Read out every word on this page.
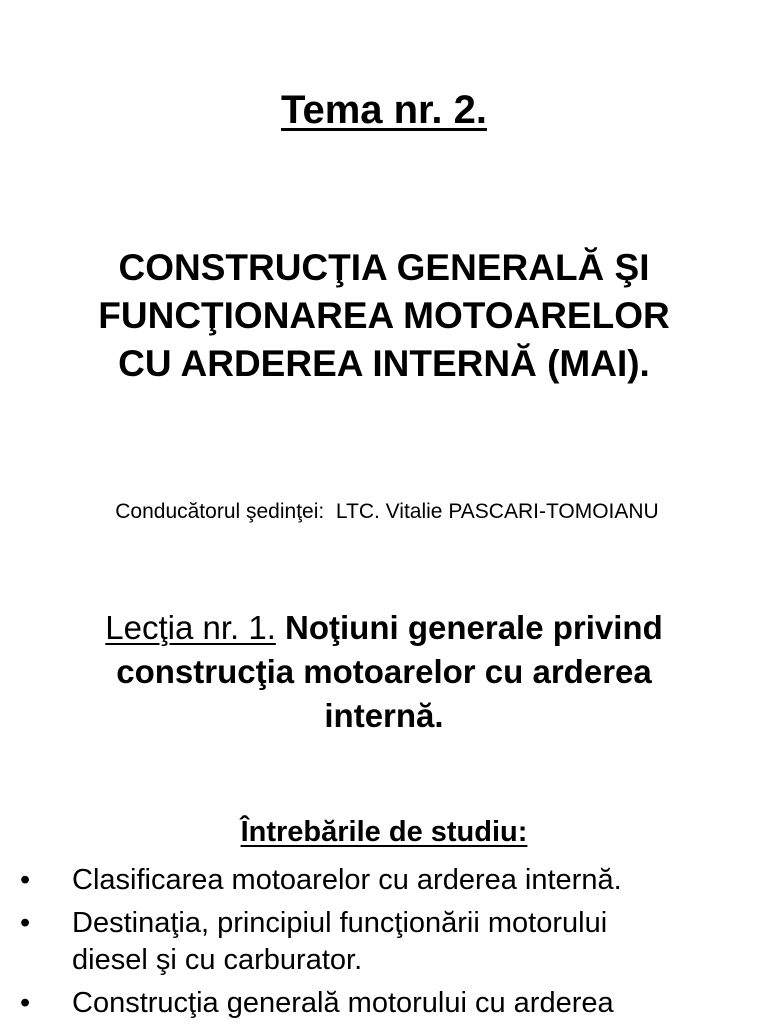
Tema nr. 2.
CONSTRUCŢIA GENERALĂ ŞI
FUNCŢIONAREA MOTOARELOR
CU ARDEREA INTERNĂ (MAI).

Conducătorul şedinţei:  LTC. Vitalie PASCARI-TOMOIANU

Lecţia nr. 1. Noţiuni generale privind
construcţia motoarelor cu arderea
internă.
Întrebările de studiu:
•	Clasificarea motoarelor cu arderea internă.
•	Destinaţia, principiul funcţionării motorului
diesel şi cu carburator.
•	Construcţia generală motorului cu arderea
